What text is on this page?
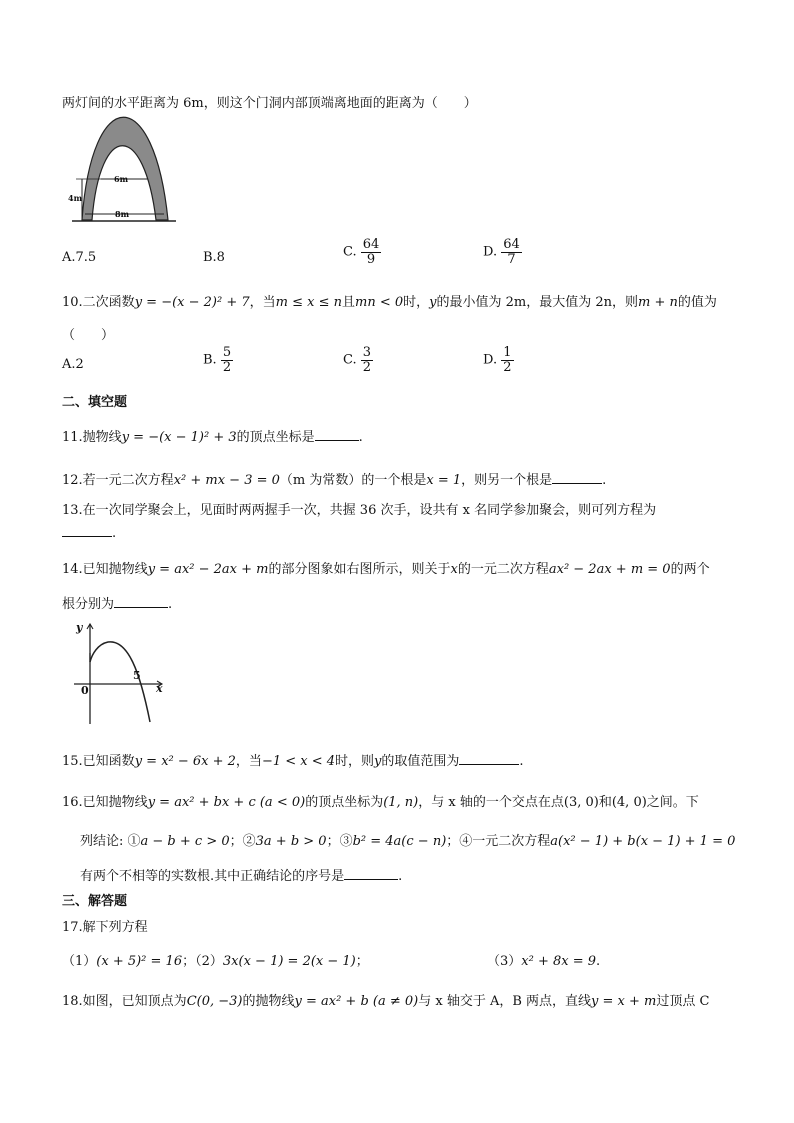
两灯间的水平距离为 6m，则这个门洞内部顶端离地面的距离为（　　）
6m
4m
8m
A.7.5	B.8	C. $\frac{64}{9}$	D. $\frac{64}{7}$
10.二次函数y = −(x − 2)² + 7，当m ≤ x ≤ n且mn < 0时，y的最小值为 2m，最大值为 2n，则m + n的值为
（　　）
A.2	B. $\frac{5}{2}$	C. $\frac{3}{2}$	D. $\frac{1}{2}$
二、填空题
11.抛物线y = −(x − 1)² + 3的顶点坐标是	.
12.若一元二次方程x² + mx − 3 = 0（m 为常数）的一个根是x = 1，则另一个根是	.
13.在一次同学聚会上，见面时两两握手一次，共握 36 次手，设共有 x 名同学参加聚会，则可列方程为
.
14.已知抛物线y = ax² − 2ax + m的部分图象如右图所示，则关于x的一元二次方程ax² − 2ax + m = 0的两个
根分别为	.
y
x
0
5
15.已知函数y = x² − 6x + 2，当−1 < x < 4时，则y的取值范围为	.
16.已知抛物线y = ax² + bx + c (a < 0)的顶点坐标为(1, n)，与 x 轴的一个交点在点(3, 0)和(4, 0)之间。下
列结论: ①a − b + c > 0；②3a + b > 0；③b² = 4a(c − n)；④一元二次方程a(x² − 1) + b(x − 1) + 1 = 0
有两个不相等的实数根.其中正确结论的序号是	.
三、解答题
17.解下列方程
（1）(x + 5)² = 16；（2）3x(x − 1) = 2(x − 1)；	（3）x² + 8x = 9.
18.如图，已知顶点为C(0, −3)的抛物线y = ax² + b (a ≠ 0)与 x 轴交于 A，B 两点，直线y = x + m过顶点 C
